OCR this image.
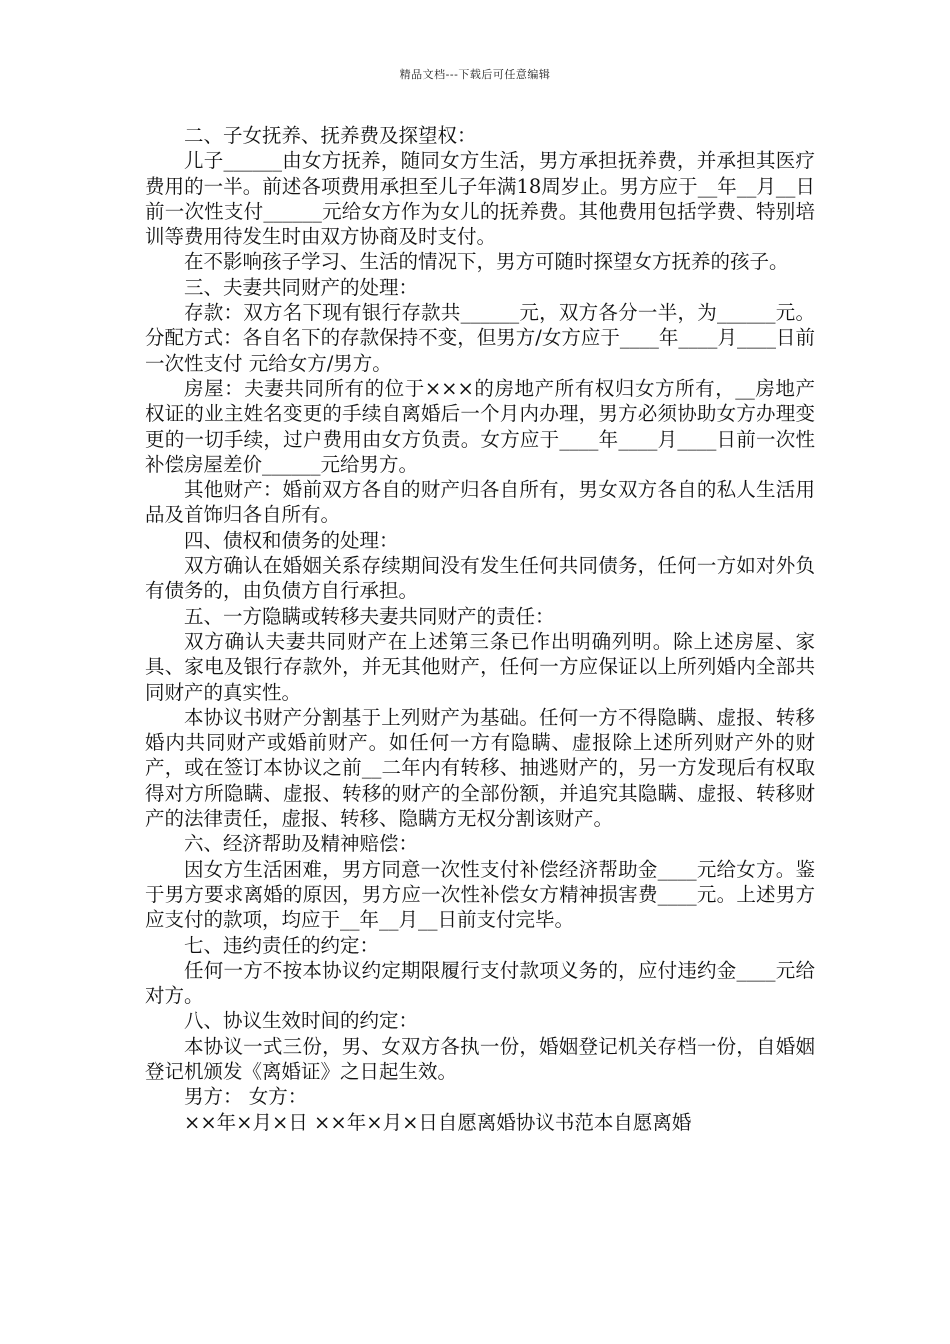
精品文档---下载后可任意编辑

二、子女抚养、抚养费及探望权：

儿子______由女方抚养，随同女方生活，男方承担抚养费，并承担其医疗费用的一半。前述各项费用承担至儿子年满18周岁止。男方应于__年__月__日前一次性支付______元给女方作为女儿的抚养费。其他费用包括学费、特别培训等费用待发生时由双方协商及时支付。

在不影响孩子学习、生活的情况下，男方可随时探望女方抚养的孩子。

三、夫妻共同财产的处理：

存款：双方名下现有银行存款共______元，双方各分一半，为______元。分配方式：各自名下的存款保持不变，但男方/女方应于____年____月____日前一次性支付 元给女方/男方。

房屋：夫妻共同所有的位于×××的房地产所有权归女方所有，__房地产权证的业主姓名变更的手续自离婚后一个月内办理，男方必须协助女方办理变更的一切手续，过户费用由女方负责。女方应于____年____月____日前一次性补偿房屋差价______元给男方。

其他财产：婚前双方各自的财产归各自所有，男女双方各自的私人生活用品及首饰归各自所有。

四、债权和债务的处理：

双方确认在婚姻关系存续期间没有发生任何共同债务，任何一方如对外负有债务的，由负债方自行承担。

五、一方隐瞒或转移夫妻共同财产的责任：

双方确认夫妻共同财产在上述第三条已作出明确列明。除上述房屋、家具、家电及银行存款外，并无其他财产，任何一方应保证以上所列婚内全部共同财产的真实性。

本协议书财产分割基于上列财产为基础。任何一方不得隐瞒、虚报、转移婚内共同财产或婚前财产。如任何一方有隐瞒、虚报除上述所列财产外的财产，或在签订本协议之前__二年内有转移、抽逃财产的，另一方发现后有权取得对方所隐瞒、虚报、转移的财产的全部份额，并追究其隐瞒、虚报、转移财产的法律责任，虚报、转移、隐瞒方无权分割该财产。

六、经济帮助及精神赔偿：

因女方生活困难，男方同意一次性支付补偿经济帮助金____元给女方。鉴于男方要求离婚的原因，男方应一次性补偿女方精神损害费____元。上述男方应支付的款项，均应于__年__月__日前支付完毕。

七、违约责任的约定：

任何一方不按本协议约定期限履行支付款项义务的，应付违约金____元给对方。

八、协议生效时间的约定：

本协议一式三份，男、女双方各执一份，婚姻登记机关存档一份，自婚姻登记机颁发《离婚证》之日起生效。

男方： 女方：

××年×月×日 ××年×月×日自愿离婚协议书范本自愿离婚
